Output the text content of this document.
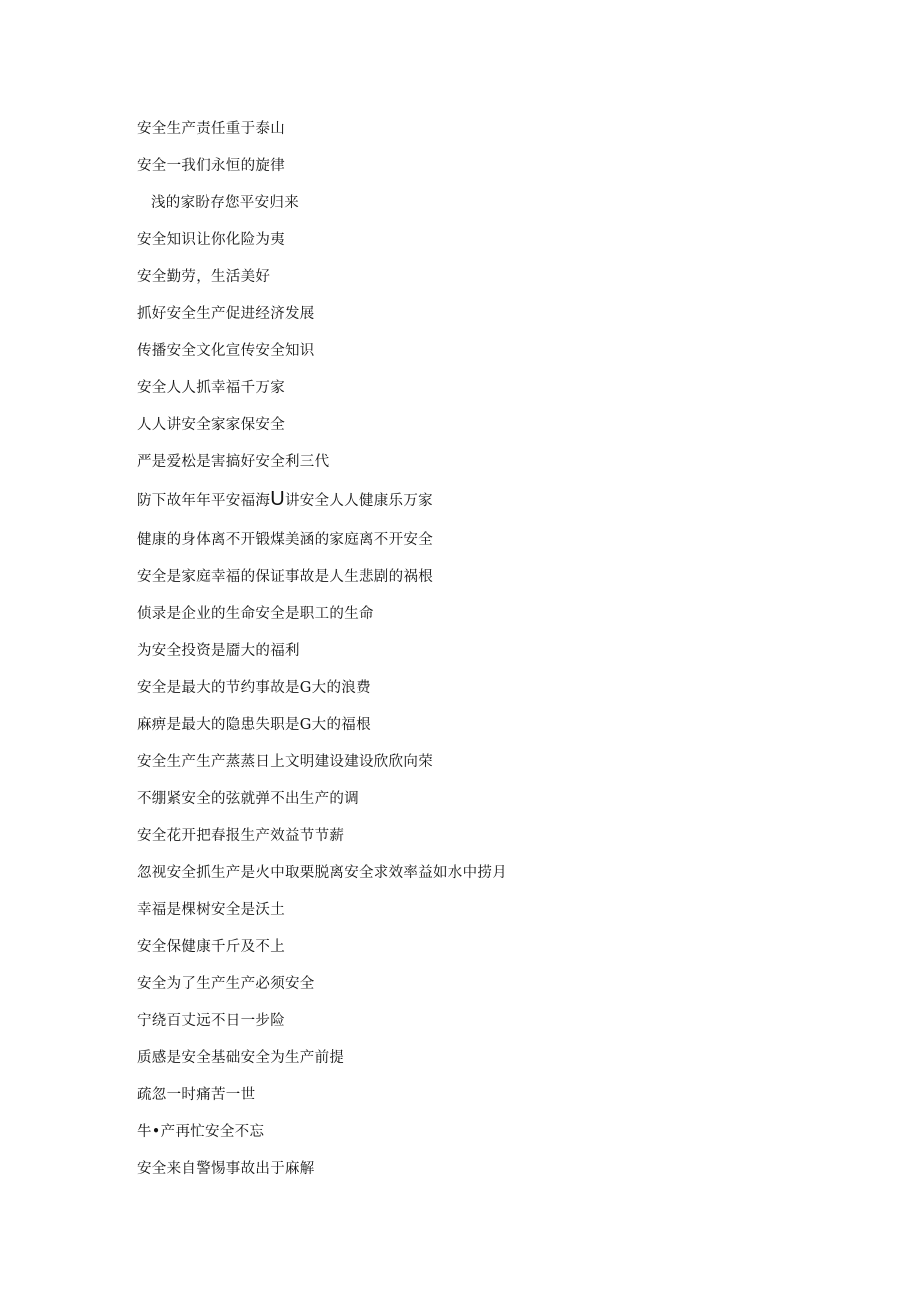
安全生产责任重于泰山
安全一我们永恒的旋律
浅的家盼存您平安归来
安全知识让你化险为夷
安全勤劳，生活美好
抓好安全生产促进经济发展
传播安全文化宣传安全知识
安全人人抓幸福千万家
人人讲安全家家保安全
严是爱松是害搞好安全利三代
防下故年年平安福海U讲安全人人健康乐万家
健康的身体离不开锻煤美涵的家庭离不开安全
安全是家庭幸福的保证事故是人生悲剧的祸根
侦录是企业的生命安全是职工的生命
为安全投资是靥大的福利
安全是最大的节约事故是G大的浪费
麻痹是最大的隐患失职是G大的福根
安全生产生产蒸蒸日上文明建设建设欣欣向荣
不绷紧安全的弦就弹不出生产的调
安全花开把春报生产效益节节薪
忽视安全抓生产是火中取栗脱离安全求效率益如水中捞月
幸福是棵树安全是沃土
安全保健康千斤及不上
安全为了生产生产必须安全
宁绕百丈远不日一步险
质感是安全基础安全为生产前提
疏忽一时痛苦一世
牛•产再忙安全不忘
安全来自警惕事故出于麻解
